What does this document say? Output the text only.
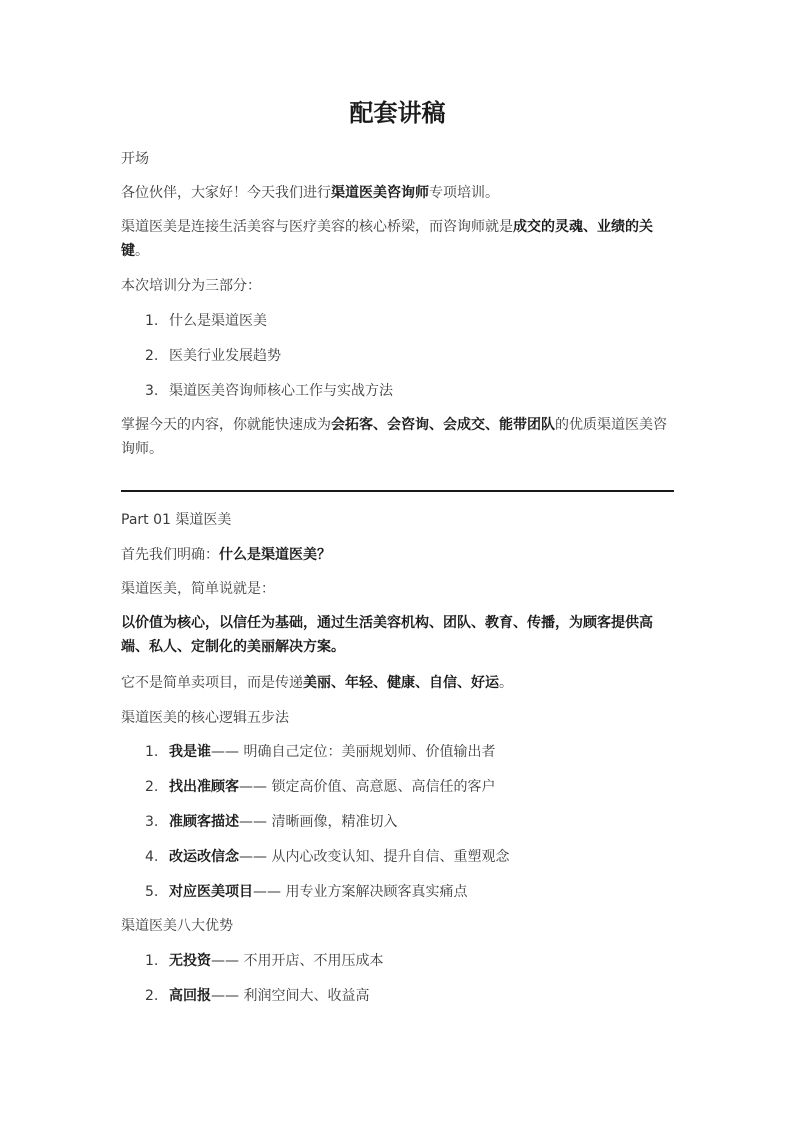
配套讲稿
开场
各位伙伴，大家好！今天我们进行渠道医美咨询师专项培训。
渠道医美是连接生活美容与医疗美容的核心桥梁，而咨询师就是成交的灵魂、业绩的关键。
本次培训分为三部分：
1. 什么是渠道医美
2. 医美行业发展趋势
3. 渠道医美咨询师核心工作与实战方法
掌握今天的内容，你就能快速成为会拓客、会咨询、会成交、能带团队的优质渠道医美咨询师。
Part 01 渠道医美
首先我们明确：什么是渠道医美？
渠道医美，简单说就是：
以价值为核心，以信任为基础，通过生活美容机构、团队、教育、传播，为顾客提供高端、私人、定制化的美丽解决方案。
它不是简单卖项目，而是传递美丽、年轻、健康、自信、好运。
渠道医美的核心逻辑五步法
1. 我是谁—— 明确自己定位：美丽规划师、价值输出者
2. 找出准顾客—— 锁定高价值、高意愿、高信任的客户
3. 准顾客描述—— 清晰画像，精准切入
4. 改运改信念—— 从内心改变认知、提升自信、重塑观念
5. 对应医美项目—— 用专业方案解决顾客真实痛点
渠道医美八大优势
1. 无投资—— 不用开店、不用压成本
2. 高回报—— 利润空间大、收益高
